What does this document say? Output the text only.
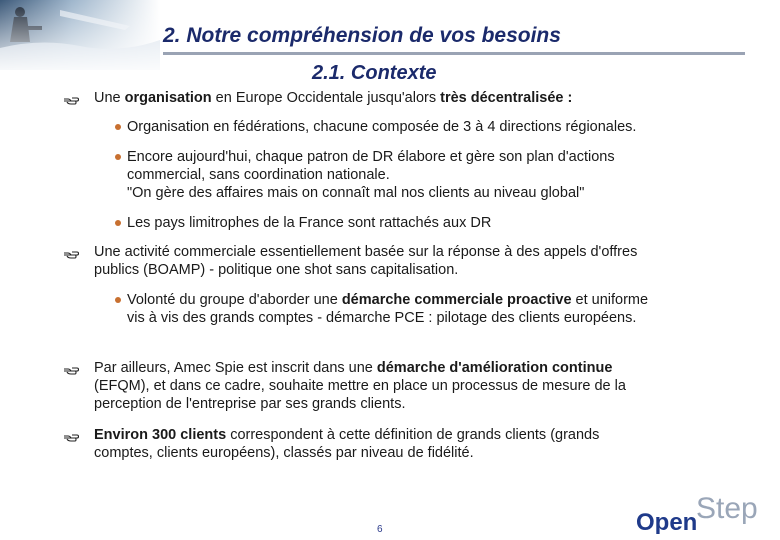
2. Notre compréhension de vos besoins
2.1. Contexte
Une organisation en Europe Occidentale jusqu'alors très décentralisée :
Organisation en fédérations, chacune composée de 3 à 4 directions régionales.
Encore aujourd'hui, chaque patron de DR élabore et gère son plan d'actions
commercial, sans coordination nationale.
"On gère des affaires mais on connaît mal nos clients au niveau global"
Les pays limitrophes de la France sont rattachés aux DR
Une activité commerciale essentiellement basée sur la réponse à des appels d'offres
publics (BOAMP) - politique one shot sans capitalisation.
Volonté du groupe d'aborder une démarche commerciale proactive et uniforme
vis à vis des grands comptes - démarche PCE : pilotage des clients européens.
Par ailleurs, Amec Spie est inscrit dans une démarche d'amélioration continue
(EFQM), et dans ce cadre, souhaite mettre en place un processus de mesure de la
perception de l'entreprise par ses grands clients.
Environ 300 clients correspondent à cette définition de grands clients (grands
comptes, clients européens), classés par niveau de fidélité.
6	Open
Step
